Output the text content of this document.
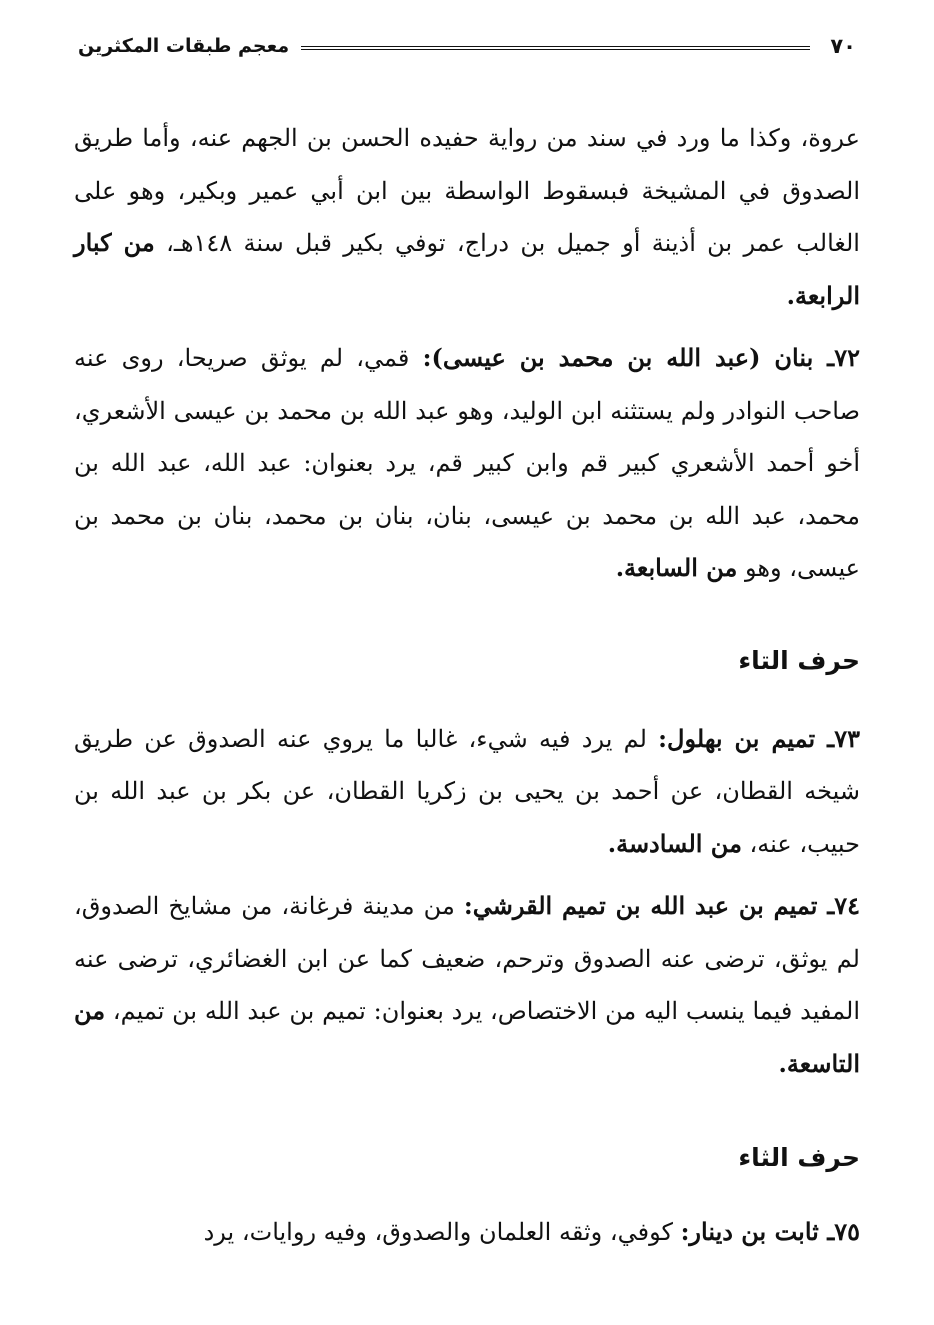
٧٠
معجم طبقات المكثرين

عروة، وكذا ما ورد في سند من رواية حفيده الحسن بن الجهم عنه، وأما طريق الصدوق في المشيخة فبسقوط الواسطة بين ابن أبي عمير وبكير، وهو على الغالب عمر بن أذينة أو جميل بن دراج، توفي بكير قبل سنة ١٤٨هـ، من كبار الرابعة.

٧٢ـ بنان (عبد الله بن محمد بن عيسى): قمي، لم يوثق صريحا، روى عنه صاحب النوادر ولم يستثنه ابن الوليد، وهو عبد الله بن محمد بن عيسى الأشعري، أخو أحمد الأشعري كبير قم وابن كبير قم، يرد بعنوان: عبد الله، عبد الله بن محمد، عبد الله بن محمد بن عيسى، بنان، بنان بن محمد، بنان بن محمد بن عيسى، وهو من السابعة.

حرف التاء

٧٣ـ تميم بن بهلول: لم يرد فيه شيء، غالبا ما يروي عنه الصدوق عن طريق شيخه القطان، عن أحمد بن يحيى بن زكريا القطان، عن بكر بن عبد الله بن حبيب، عنه، من السادسة.

٧٤ـ تميم بن عبد الله بن تميم القرشي: من مدينة فرغانة، من مشايخ الصدوق، لم يوثق، ترضى عنه الصدوق وترحم، ضعيف كما عن ابن الغضائري، ترضى عنه المفيد فيما ينسب اليه من الاختصاص، يرد بعنوان: تميم بن عبد الله بن تميم، من التاسعة.

حرف الثاء

٧٥ـ ثابت بن دينار: كوفي، وثقه العلمان والصدوق، وفيه روايات، يرد
